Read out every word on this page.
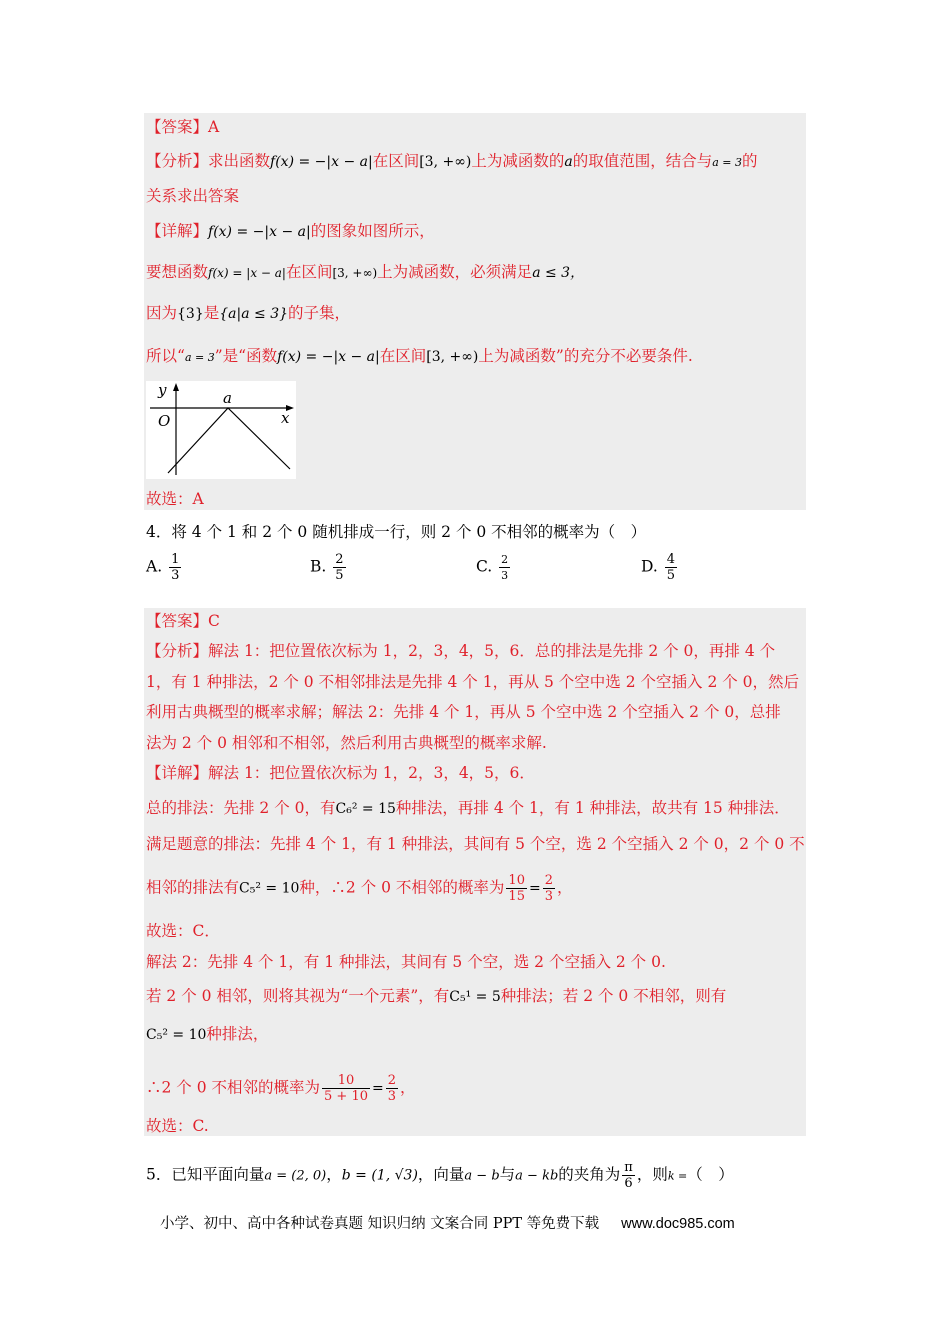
【答案】A
【分析】求出函数f(x) = −|x − a|在区间[3, +∞)上为减函数的a的取值范围，结合与a = 3的
关系求出答案
【详解】f(x) = −|x − a|的图象如图所示，
要想函数f(x) = |x − a|在区间[3, +∞)上为减函数，必须满足a ≤ 3，
因为{3}是{a|a ≤ 3}的子集，
所以“a = 3”是“函数f(x) = −|x − a|在区间[3, +∞)上为减函数”的充分不必要条件.
y
O
a
x
故选：A
4．将 4 个 1 和 2 个 0 随机排成一行，则 2 个 0 不相邻的概率为（　）
A. $\frac{1}{3}$	B. $\frac{2}{5}$	C. $\frac{2}{3}$	D. $\frac{4}{5}$
【答案】C
【分析】解法 1：把位置依次标为 1，2，3，4，5，6．总的排法是先排 2 个 0，再排 4 个
1，有 1 种排法，2 个 0 不相邻排法是先排 4 个 1，再从 5 个空中选 2 个空插入 2 个 0，然后
利用古典概型的概率求解；解法 2：先排 4 个 1，再从 5 个空中选 2 个空插入 2 个 0，总排
法为 2 个 0 相邻和不相邻，然后利用古典概型的概率求解.
【详解】解法 1：把位置依次标为 1，2，3，4，5，6．
总的排法：先排 2 个 0，有C₆² = 15种排法，再排 4 个 1，有 1 种排法，故共有 15 种排法．
满足题意的排法：先排 4 个 1，有 1 种排法，其间有 5 个空，选 2 个空插入 2 个 0，2 个 0 不
相邻的排法有C₅² = 10种，∴2 个 0 不相邻的概率为 $\frac{10}{15} = \frac{2}{3}$ ，
故选：C．
解法 2：先排 4 个 1，有 1 种排法，其间有 5 个空，选 2 个空插入 2 个 0.
若 2 个 0 相邻，则将其视为“一个元素”，有C₅¹ = 5种排法；若 2 个 0 不相邻，则有
C₅² = 10种排法，
∴2 个 0 不相邻的概率为 $\frac{10}{5 + 10} = \frac{2}{3}$ ，
故选：C.
5．已知平面向量a = (2, 0)，b = (1, √3)，向量a − b与a − kb的夹角为 $\frac{\pi}{6}$ ，则k =（　）
小学、初中、高中各种试卷真题 知识归纳 文案合同 PPT 等免费下载 www.doc985.com
